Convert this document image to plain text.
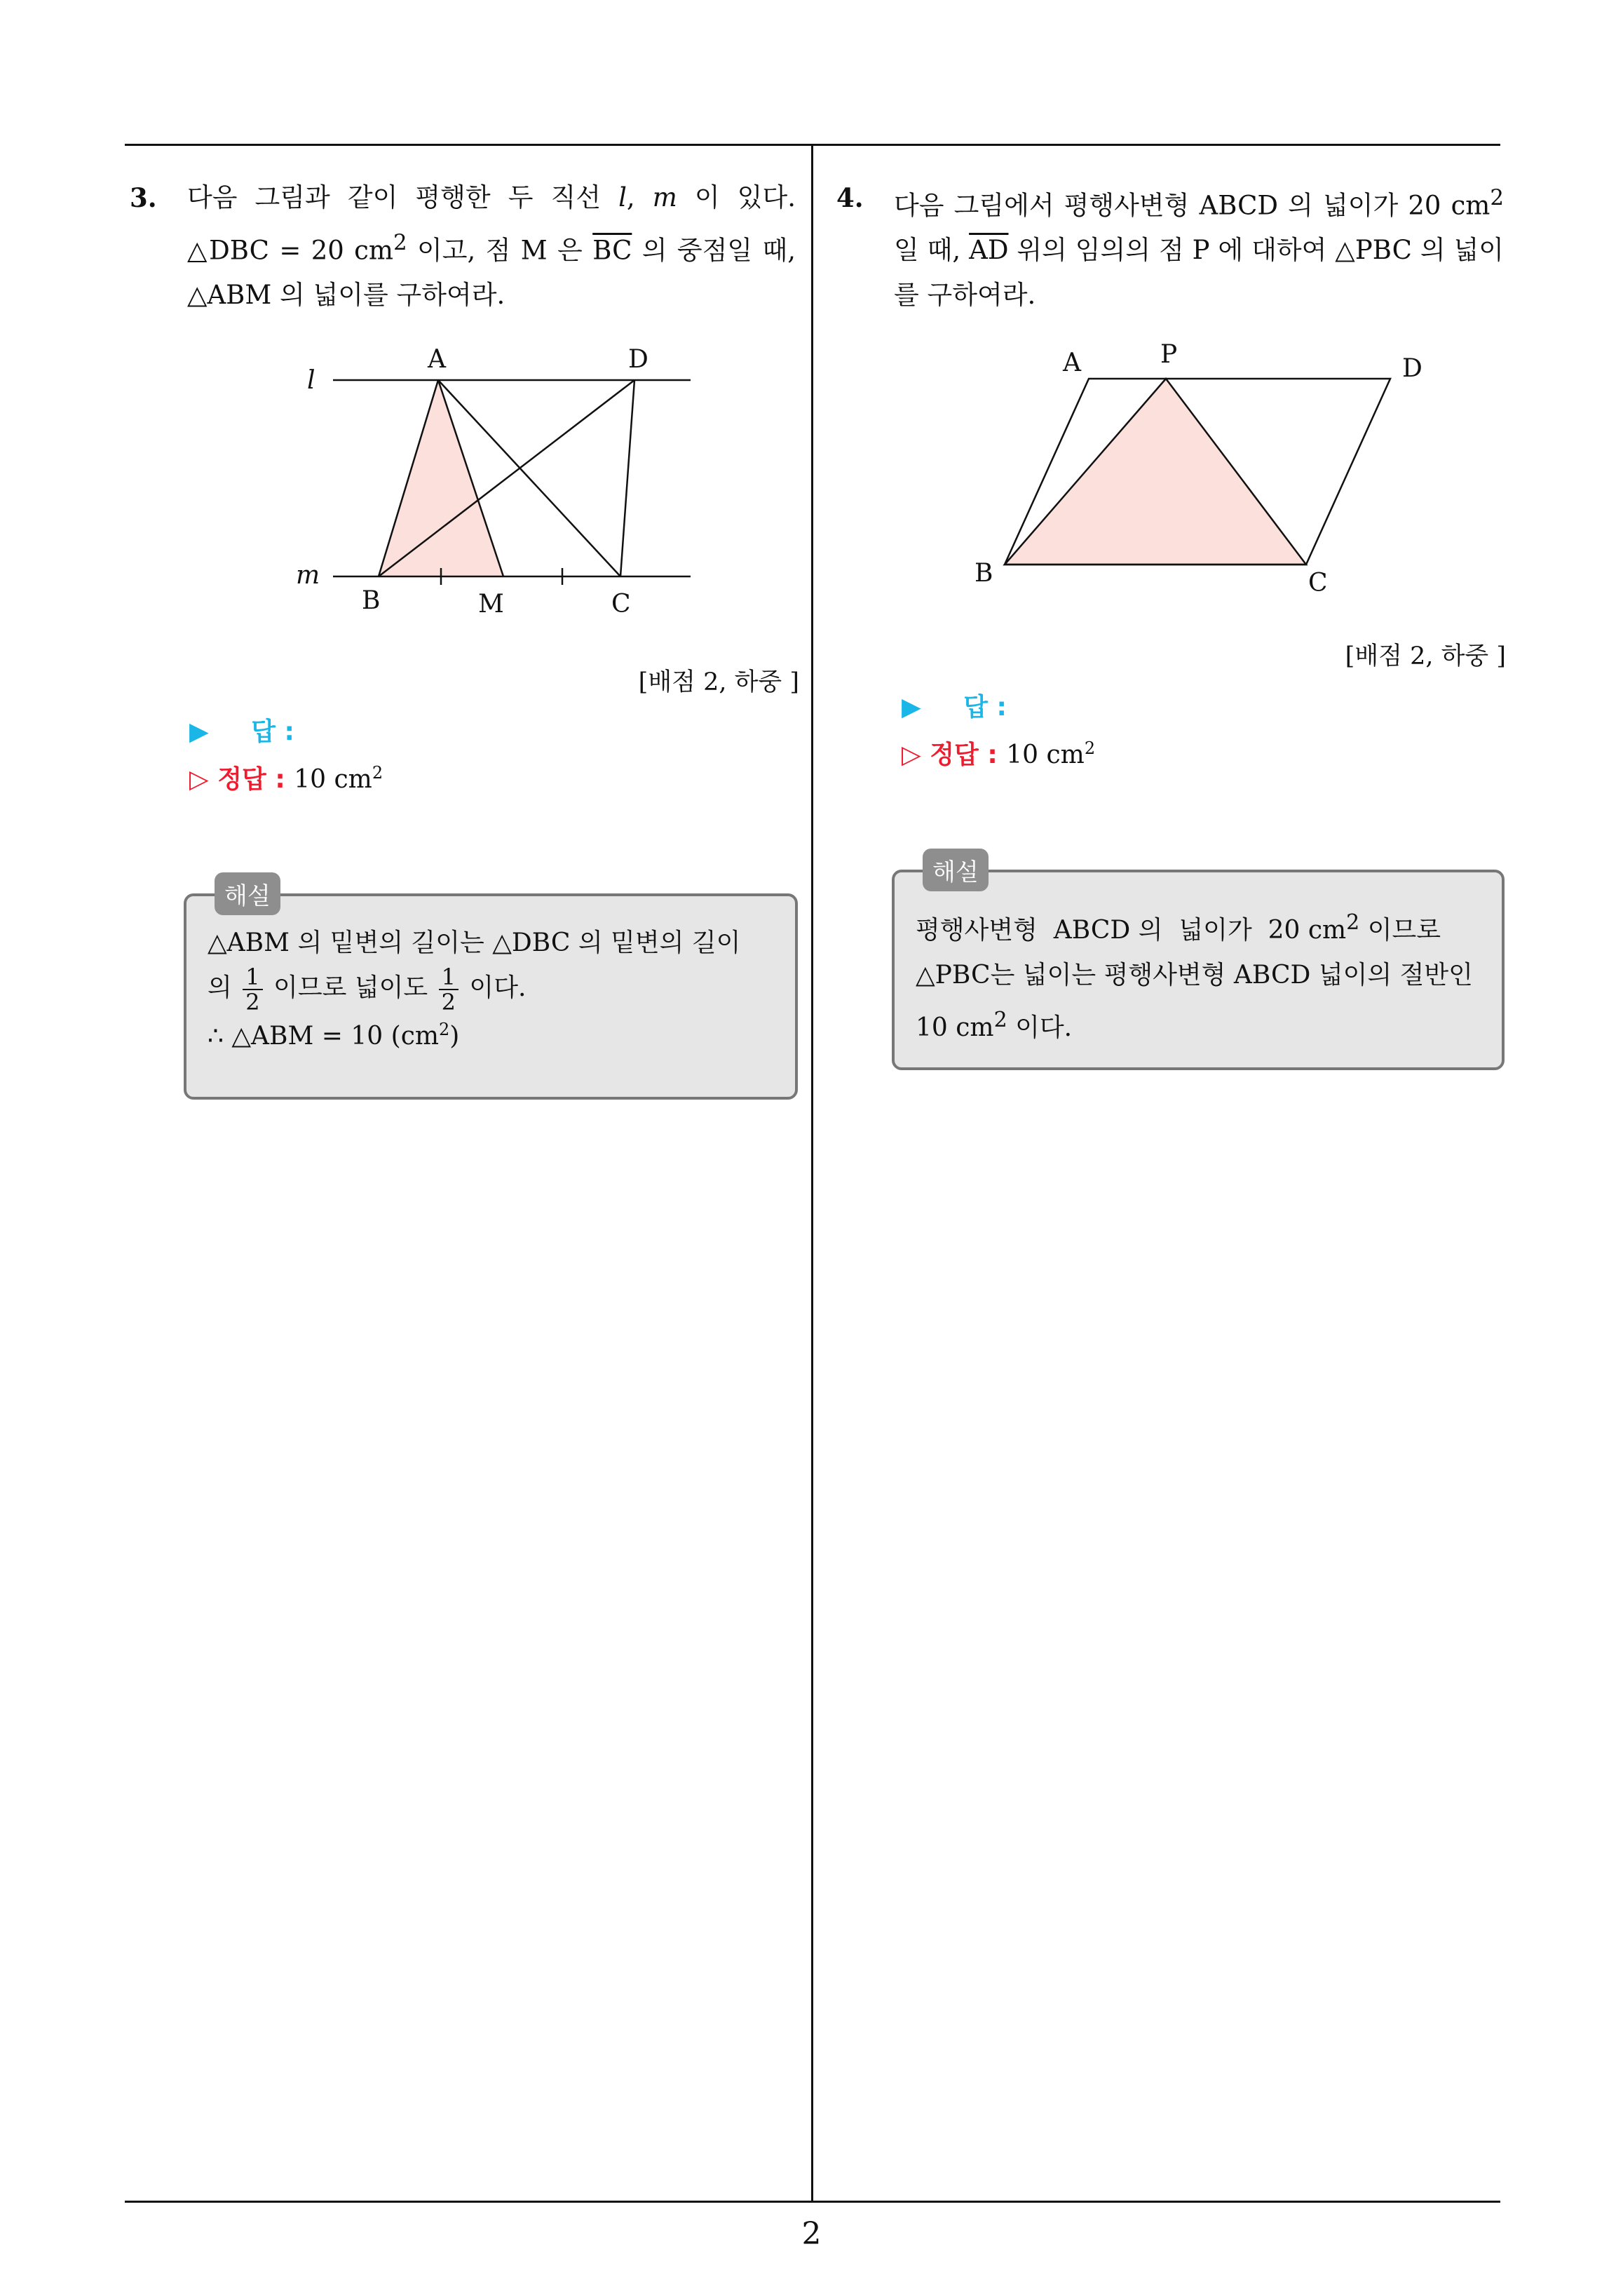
3. 다음 그림과 같이 평행한 두 직선 l, m 이 있다. △DBC = 20 $cm^2$ 이고, 점 M 은 $\overline{BC}$ 의 중점일 때, △ABM 의 넓이를 구하여라.
l
m
A	D
B	M	C
[배점 2, 하중 ]
▶ 답 :
▷ 정답 : 10 $cm^2$
해설
△ABM 의 밑변의 길이는 △DBC 의 밑변의 길이
의 $\frac{1}{2}$ 이므로 넓이도 $\frac{1}{2}$ 이다.
∴ △ABM = 10 $(cm^2)$
4. 다음 그림에서 평행사변형 ABCD 의 넓이가 20 $cm^2$ 일 때, $\overline{AD}$ 위의 임의의 점 P 에 대하여 △PBC 의 넓이를 구하여라.
A	P	D
B	C
[배점 2, 하중 ]
▶ 답 :
▷ 정답 : 10 $cm^2$
해설
평행사변형  ABCD 의  넓이가  20 $cm^2$ 이므로 △PBC는 넓이는 평행사변형 ABCD 넓이의 절반인 10 $cm^2$ 이다.
2
